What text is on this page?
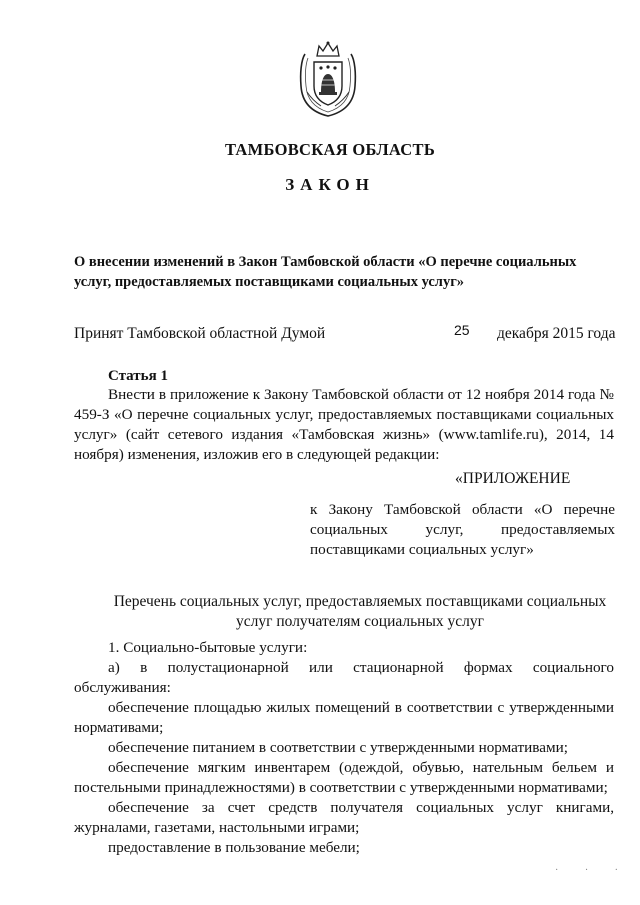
ТАМБОВСКАЯ ОБЛАСТЬ

ЗАКОН

О внесении изменений в Закон Тамбовской области «О перечне социальных услуг, предоставляемых поставщиками социальных услуг»

Принят Тамбовской областной Думой	25 декабря 2015 года

Статья 1

Внести в приложение к Закону Тамбовской области от 12 ноября 2014 года № 459-З «О перечне социальных услуг, предоставляемых поставщиками социальных услуг» (сайт сетевого издания «Тамбовская жизнь» (www.tamlife.ru), 2014, 14 ноября) изменения, изложив его в следующей редакции:

«ПРИЛОЖЕНИЕ

к Закону Тамбовской области «О перечне социальных услуг, предоставляемых поставщиками социальных услуг»

Перечень социальных услуг, предоставляемых поставщиками социальных услуг получателям социальных услуг

1. Социально-бытовые услуги:

а) в полустационарной или стационарной формах социального обслуживания:

обеспечение площадью жилых помещений в соответствии с утвержденными нормативами;

обеспечение питанием в соответствии с утвержденными нормативами;

обеспечение мягким инвентарем (одеждой, обувью, нательным бельем и постельными принадлежностями) в соответствии с утвержденными нормативами;

обеспечение за счет средств получателя социальных услуг книгами, журналами, газетами, настольными играми;

предоставление в пользование мебели;

· · ·
